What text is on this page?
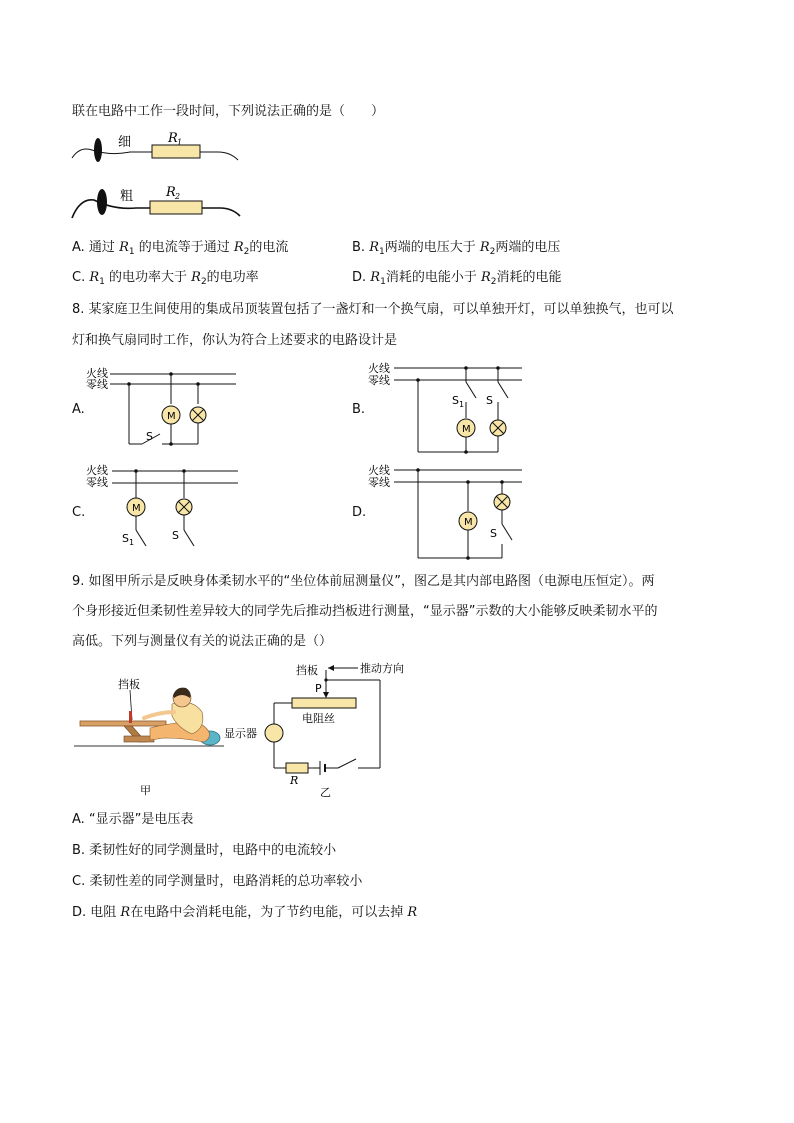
联在电路中工作一段时间，下列说法正确的是（　　）
细	R 1
粗	R 2
A. 通过 $R_1$ 的电流等于通过 $R_2$的电流	B. $R_1$两端的电压大于 $R_2$两端的电压
C. $R_1$ 的电功率大于 $R_2$的电功率	D. $R_1$消耗的电能小于 $R_2$消耗的电能
8. 某家庭卫生间使用的集成吊顶装置包括了一盏灯和一个换气扇，可以单独开灯，可以单独换气，也可以
灯和换气扇同时工作，你认为符合上述要求的电路设计是
A.
火线
零线
M
S
B.
火线
零线
S 1 S
M
C.
火线
零线
M
S 1
S
D.
火线
零线
S
M
9. 如图甲所示是反映身体柔韧水平的“坐位体前屈测量仪”，图乙是其内部电路图（电源电压恒定）。两
个身形接近但柔韧性差异较大的同学先后推动挡板进行测量，“显示器”示数的大小能够反映柔韧水平的
高低。下列与测量仪有关的说法正确的是（）
挡板
甲
挡板	推动方向
P
电阻丝
显示器
R
乙
A. “显示器”是电压表
B. 柔韧性好的同学测量时，电路中的电流较小
C. 柔韧性差的同学测量时，电路消耗的总功率较小
D. 电阻 R在电路中会消耗电能，为了节约电能，可以去掉 R
